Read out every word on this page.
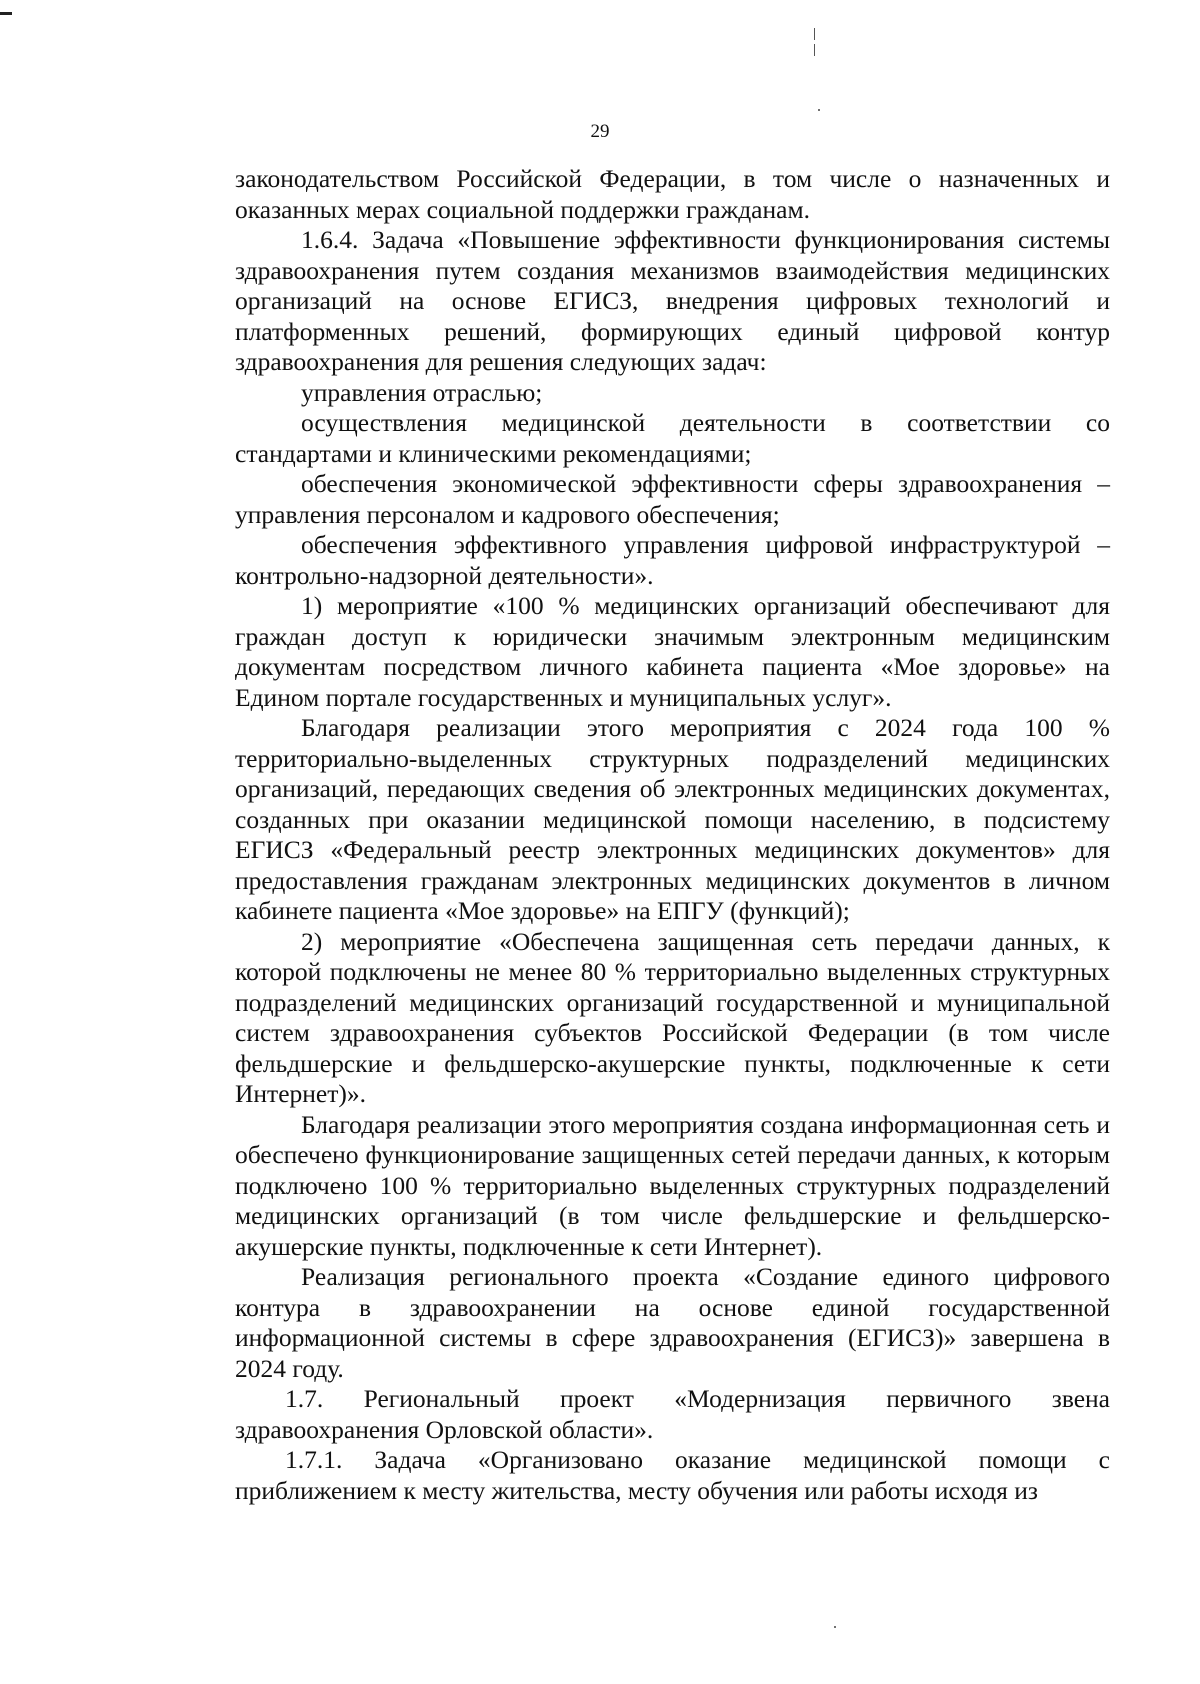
29

законодательством Российской Федерации, в том числе о назначенных и оказанных мерах социальной поддержки гражданам.

1.6.4. Задача «Повышение эффективности функционирования системы здравоохранения путем создания механизмов взаимодействия медицинских организаций на основе ЕГИСЗ, внедрения цифровых технологий и платформенных решений, формирующих единый цифровой контур здравоохранения для решения следующих задач:

управления отраслью;

осуществления медицинской деятельности в соответствии со стандартами и клиническими рекомендациями;

обеспечения экономической эффективности сферы здравоохранения – управления персоналом и кадрового обеспечения;

обеспечения эффективного управления цифровой инфраструктурой – контрольно-надзорной деятельности».

1) мероприятие «100 % медицинских организаций обеспечивают для граждан доступ к юридически значимым электронным медицинским документам посредством личного кабинета пациента «Мое здоровье» на Едином портале государственных и муниципальных услуг».

Благодаря реализации этого мероприятия с 2024 года 100 % территориально-выделенных структурных подразделений медицинских организаций, передающих сведения об электронных медицинских документах, созданных при оказании медицинской помощи населению, в подсистему ЕГИСЗ «Федеральный реестр электронных медицинских документов» для предоставления гражданам электронных медицинских документов в личном кабинете пациента «Мое здоровье» на ЕПГУ (функций);

2) мероприятие «Обеспечена защищенная сеть передачи данных, к которой подключены не менее 80 % территориально выделенных структурных подразделений медицинских организаций государственной и муниципальной систем здравоохранения субъектов Российской Федерации (в том числе фельдшерские и фельдшерско-акушерские пункты, подключенные к сети Интернет)».

Благодаря реализации этого мероприятия создана информационная сеть и обеспечено функционирование защищенных сетей передачи данных, к которым подключено 100 % территориально выделенных структурных подразделений медицинских организаций (в том числе фельдшерские и фельдшерско-акушерские пункты, подключенные к сети Интернет).

Реализация регионального проекта «Создание единого цифрового контура в здравоохранении на основе единой государственной информационной системы в сфере здравоохранения (ЕГИСЗ)» завершена в 2024 году.

1.7. Региональный проект «Модернизация первичного звена здравоохранения Орловской области».

1.7.1. Задача «Организовано оказание медицинской помощи с приближением к месту жительства, месту обучения или работы исходя из
